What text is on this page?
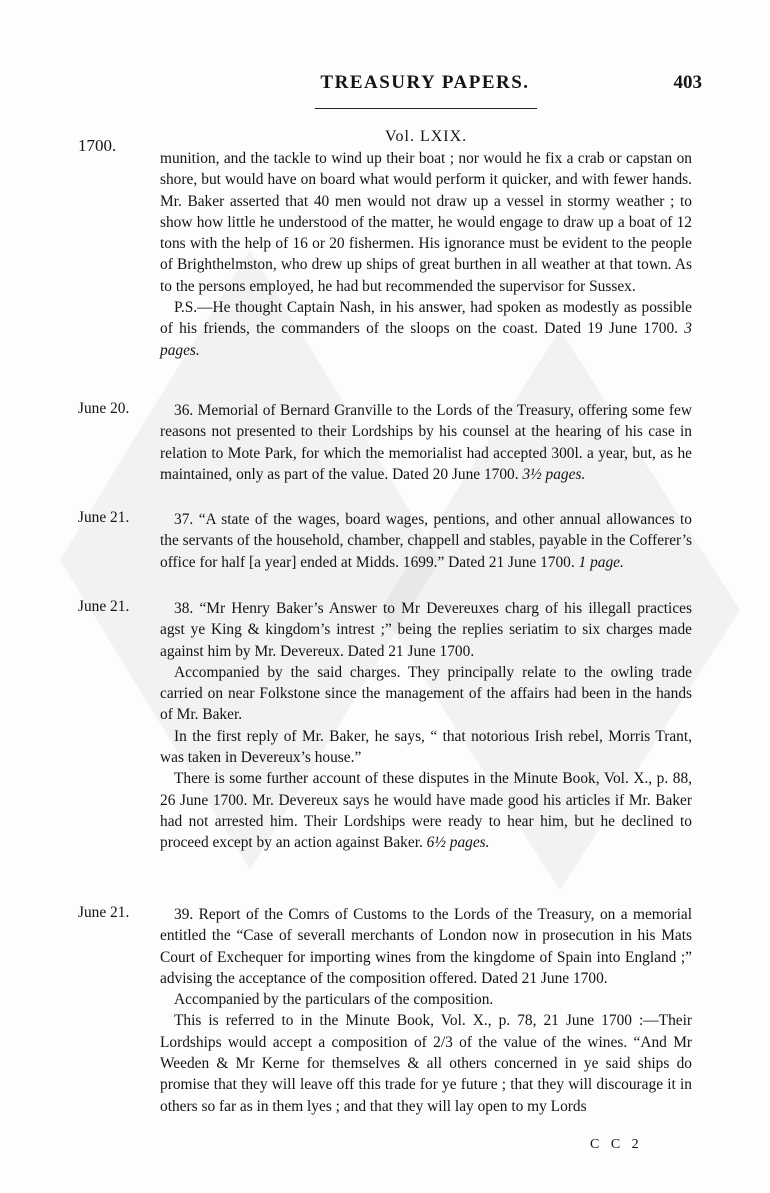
TREASURY PAPERS.	403
1700.	Vol. LXIX.

munition, and the tackle to wind up their boat ; nor would he fix a crab or capstan on shore, but would have on board what would perform it quicker, and with fewer hands. Mr. Baker asserted that 40 men would not draw up a vessel in stormy weather ; to show how little he understood of the matter, he would engage to draw up a boat of 12 tons with the help of 16 or 20 fishermen. His ignorance must be evident to the people of Brighthelmston, who drew up ships of great burthen in all weather at that town. As to the persons employed, he had but recommended the supervisor for Sussex.

P.S.—He thought Captain Nash, in his answer, had spoken as modestly as possible of his friends, the commanders of the sloops on the coast. Dated 19 June 1700. 3 pages.

June 20.	36. Memorial of Bernard Granville to the Lords of the Treasury, offering some few reasons not presented to their Lordships by his counsel at the hearing of his case in relation to Mote Park, for which the memorialist had accepted 300l. a year, but, as he maintained, only as part of the value. Dated 20 June 1700. 3½ pages.

June 21.	37. “A state of the wages, board wages, pentions, and other annual allowances to the servants of the household, chamber, chappell and stables, payable in the Cofferer’s office for half [a year] ended at Midds. 1699.” Dated 21 June 1700. 1 page.

June 21.	38. “Mr Henry Baker’s Answer to Mr Devereuxes charg of his illegall practices agst ye King & kingdom’s intrest ;” being the replies seriatim to six charges made against him by Mr. Devereux. Dated 21 June 1700.

Accompanied by the said charges. They principally relate to the owling trade carried on near Folkstone since the management of the affairs had been in the hands of Mr. Baker.

In the first reply of Mr. Baker, he says, “ that notorious Irish rebel, Morris Trant, was taken in Devereux’s house.”

There is some further account of these disputes in the Minute Book, Vol. X., p. 88, 26 June 1700. Mr. Devereux says he would have made good his articles if Mr. Baker had not arrested him. Their Lordships were ready to hear him, but he declined to proceed except by an action against Baker. 6½ pages.

June 21.	39. Report of the Comrs of Customs to the Lords of the Treasury, on a memorial entitled the “Case of severall merchants of London now in prosecution in his Mats Court of Exchequer for importing wines from the kingdome of Spain into England ;” advising the acceptance of the composition offered. Dated 21 June 1700.

Accompanied by the particulars of the composition.

This is referred to in the Minute Book, Vol. X., p. 78, 21 June 1700 :—Their Lordships would accept a composition of 2/3 of the value of the wines. “And Mr Weeden & Mr Kerne for themselves & all others concerned in ye said ships do promise that they will leave off this trade for ye future ; that they will discourage it in others so far as in them lyes ; and that they will lay open to my Lords

C C 2
